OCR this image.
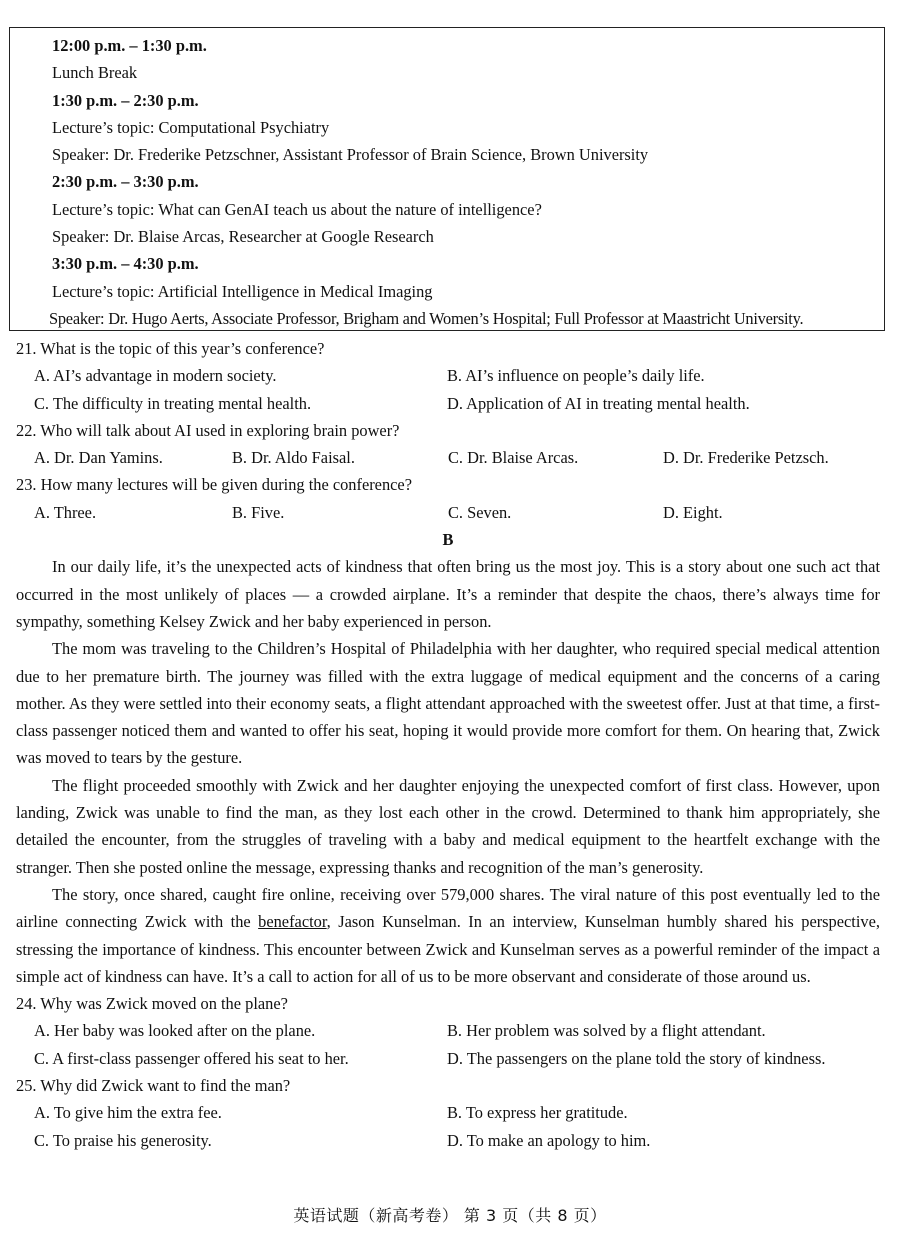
12:00 p.m. – 1:30 p.m.
Lunch Break
1:30 p.m. – 2:30 p.m.
Lecture’s topic: Computational Psychiatry
Speaker: Dr. Frederike Petzschner, Assistant Professor of Brain Science, Brown University
2:30 p.m. – 3:30 p.m.
Lecture’s topic: What can GenAI teach us about the nature of intelligence?
Speaker: Dr. Blaise Arcas, Researcher at Google Research
3:30 p.m. – 4:30 p.m.
Lecture’s topic: Artificial Intelligence in Medical Imaging
Speaker: Dr. Hugo Aerts, Associate Professor, Brigham and Women’s Hospital; Full Professor at Maastricht University.
21. What is the topic of this year’s conference?
A. AI’s advantage in modern society.	B. AI’s influence on people’s daily life.
C. The difficulty in treating mental health.	D. Application of AI in treating mental health.
22. Who will talk about AI used in exploring brain power?
A. Dr. Dan Yamins.	B. Dr. Aldo Faisal.	C. Dr. Blaise Arcas.	D. Dr. Frederike Petzsch.
23. How many lectures will be given during the conference?
A. Three.	B. Five.	C. Seven.	D. Eight.
B

In our daily life, it’s the unexpected acts of kindness that often bring us the most joy. This is a story about one such act that occurred in the most unlikely of places — a crowded airplane. It’s a reminder that despite the chaos, there’s always time for sympathy, something Kelsey Zwick and her baby experienced in person.

The mom was traveling to the Children’s Hospital of Philadelphia with her daughter, who required special medical attention due to her premature birth. The journey was filled with the extra luggage of medical equipment and the concerns of a caring mother. As they were settled into their economy seats, a flight attendant approached with the sweetest offer. Just at that time, a first-class passenger noticed them and wanted to offer his seat, hoping it would provide more comfort for them. On hearing that, Zwick was moved to tears by the gesture.

The flight proceeded smoothly with Zwick and her daughter enjoying the unexpected comfort of first class. However, upon landing, Zwick was unable to find the man, as they lost each other in the crowd. Determined to thank him appropriately, she detailed the encounter, from the struggles of traveling with a baby and medical equipment to the heartfelt exchange with the stranger. Then she posted online the message, expressing thanks and recognition of the man’s generosity.

The story, once shared, caught fire online, receiving over 579,000 shares. The viral nature of this post eventually led to the airline connecting Zwick with the benefactor, Jason Kunselman. In an interview, Kunselman humbly shared his perspective, stressing the importance of kindness. This encounter between Zwick and Kunselman serves as a powerful reminder of the impact a simple act of kindness can have. It’s a call to action for all of us to be more observant and considerate of those around us.

24. Why was Zwick moved on the plane?
A. Her baby was looked after on the plane.	B. Her problem was solved by a flight attendant.
C. A first-class passenger offered his seat to her.	D. The passengers on the plane told the story of kindness.
25. Why did Zwick want to find the man?
A. To give him the extra fee.	B. To express her gratitude.
C. To praise his generosity.	D. To make an apology to him.
英语试题（新高考卷） 第 3 页（共 8 页）
